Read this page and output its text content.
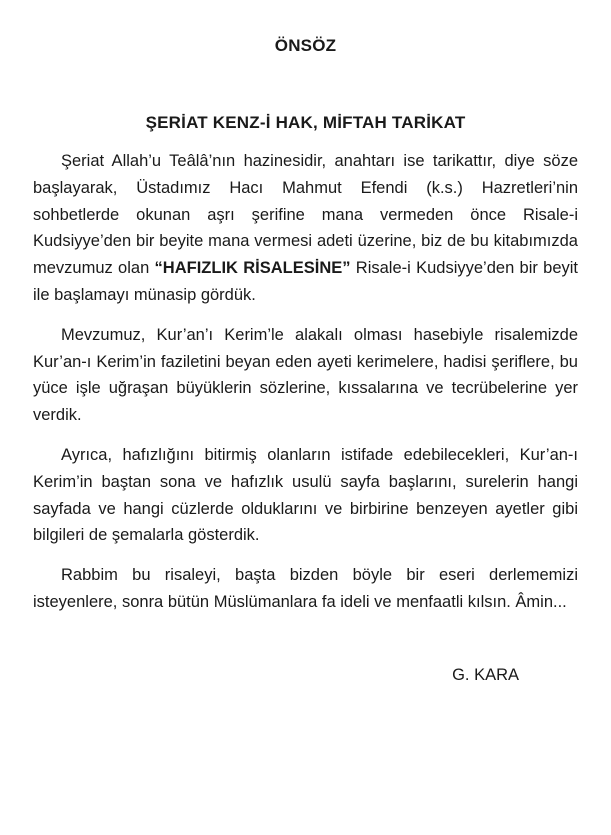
ÖNSÖZ
ŞERİAT KENZ-İ HAK, MİFTAH TARİKAT

Şeriat Allah’u Teâlâ’nın hazinesidir, anahtarı ise tarikattır, diye söze başlayarak, Üstadımız Hacı Mahmut Efendi (k.s.) Hazretleri’nin sohbetlerde okunan aşrı şerifine mana vermeden önce Risale-i Kudsiyye’den bir beyite mana vermesi adeti üzerine, biz de bu kitabımızda mevzumuz olan “HAFIZLIK RİSALESİNE” Risale-i Kudsiyye’den bir beyit ile başlamayı münasip gördük.

Mevzumuz, Kur’an’ı Kerim’le alakalı olması hasebiyle risalemizde Kur’an-ı Kerim’in faziletini beyan eden ayeti kerimelere, hadisi şeriflere, bu yüce işle uğraşan büyüklerin sözlerine, kıssalarına ve tecrübelerine yer verdik.

Ayrıca, hafızlığını bitirmiş olanların istifade edebilecekleri, Kur’an-ı Kerim’in baştan sona ve hafızlık usulü sayfa başlarını, surelerin hangi sayfada ve hangi cüzlerde olduklarını ve birbirine benzeyen ayetler gibi bilgileri de şemalarla gösterdik.

Rabbim bu risaleyi, başta bizden böyle bir eseri derlememizi isteyenlere, sonra bütün Müslümanlara fa ideli ve menfaatli kılsın. Âmin...

G. KARA
